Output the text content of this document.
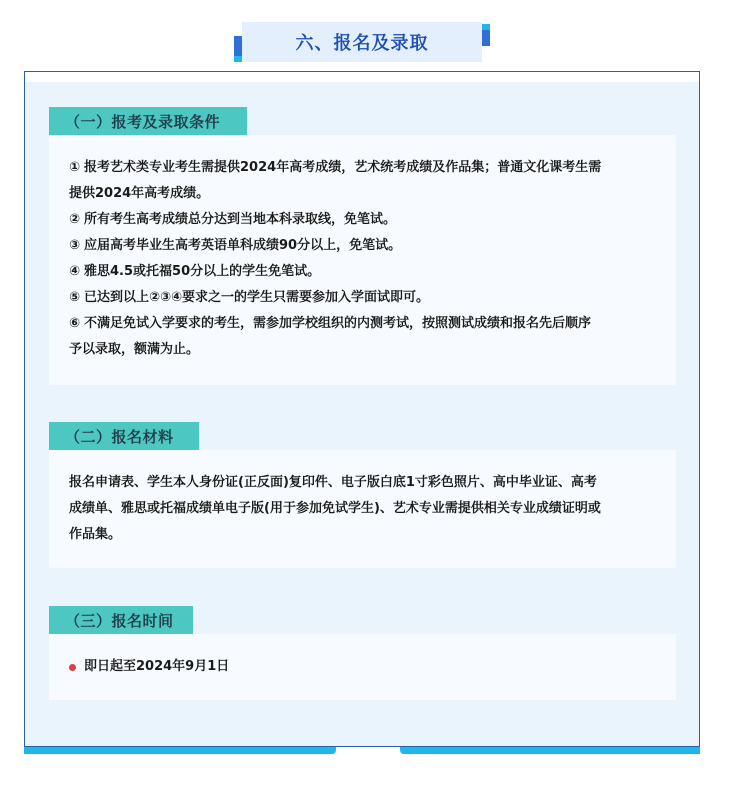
六、报名及录取
（一）报考及录取条件

① 报考艺术类专业考生需提供2024年高考成绩，艺术统考成绩及作品集；普通文化课考生需

提供2024年高考成绩。

② 所有考生高考成绩总分达到当地本科录取线，免笔试。

③ 应届高考毕业生高考英语单科成绩90分以上，免笔试。

④ 雅思4.5或托福50分以上的学生免笔试。

⑤ 已达到以上②③④要求之一的学生只需要参加入学面试即可。

⑥ 不满足免试入学要求的考生，需参加学校组织的内测考试，按照测试成绩和报名先后顺序

予以录取，额满为止。

（二）报名材料

报名申请表、学生本人身份证(正反面)复印件、电子版白底1寸彩色照片、高中毕业证、高考

成绩单、雅思或托福成绩单电子版(用于参加免试学生)、艺术专业需提供相关专业成绩证明或

作品集。

（三）报名时间
即日起至2024年9月1日
